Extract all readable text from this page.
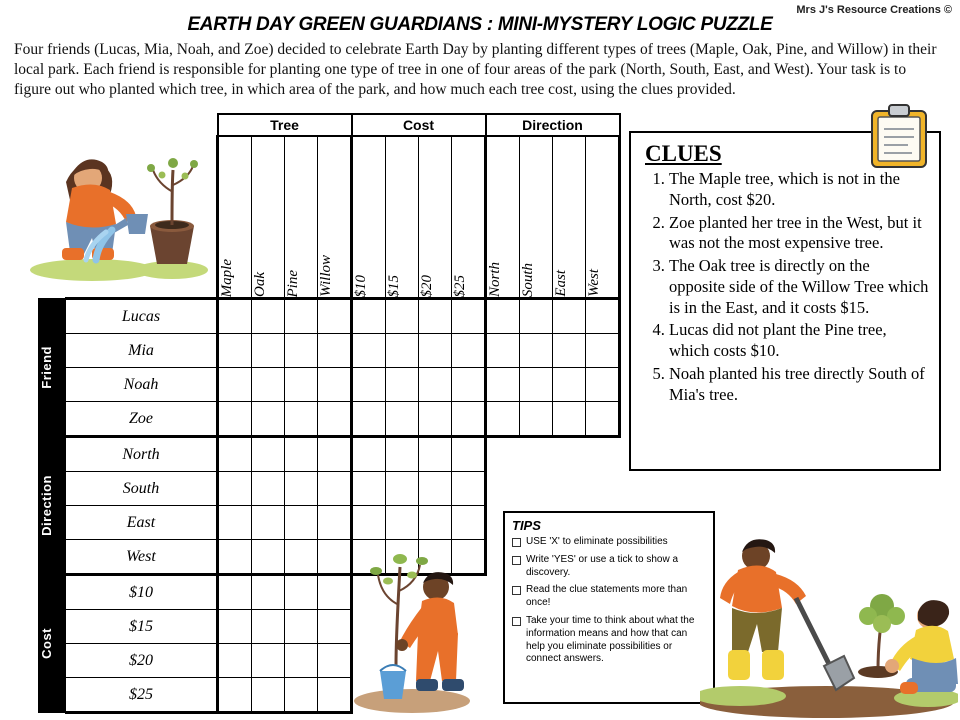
Mrs J's Resource Creations ©
EARTH DAY GREEN GUARDIANS : MINI-MYSTERY LOGIC PUZZLE
Four friends (Lucas, Mia, Noah, and Zoe) decided to celebrate Earth Day by planting different types of trees (Maple, Oak, Pine, and Willow) in their local park. Each friend is responsible for planting one type of tree in one of four areas of the park (North, South, East, and West). Your task is to figure out who planted which tree, in which area of the park, and how much each tree cost, using the clues provided.
		Tree				Cost				Direction			

		Maple	Oak	Pine	Willow	$10	$15	$20	$25	North	South	East	West

Friend	Lucas												
	Mia												
	Noah												
	Zoe												

Direction	North												
	South												
	East												
	West												

Cost	$10												
	$15												
	$20												
	$25												
CLUES
1. The Maple tree, which is not in the North, cost $20.
2. Zoe planted her tree in the West, but it was not the most expensive tree.
3. The Oak tree is directly on the opposite side of the Willow Tree which is in the East, and it costs $15.
4. Lucas did not plant the Pine tree, which costs $10.
5. Noah planted his tree directly South of Mia's tree.
TIPS
❯ USE 'X' to eliminate possibilities
❯ Write 'YES' or use a tick to show a discovery.
❯ Read the clue statements more than once!
❯ Take your time to think about what the information means and how that can help you eliminate possibilities or connect answers.
